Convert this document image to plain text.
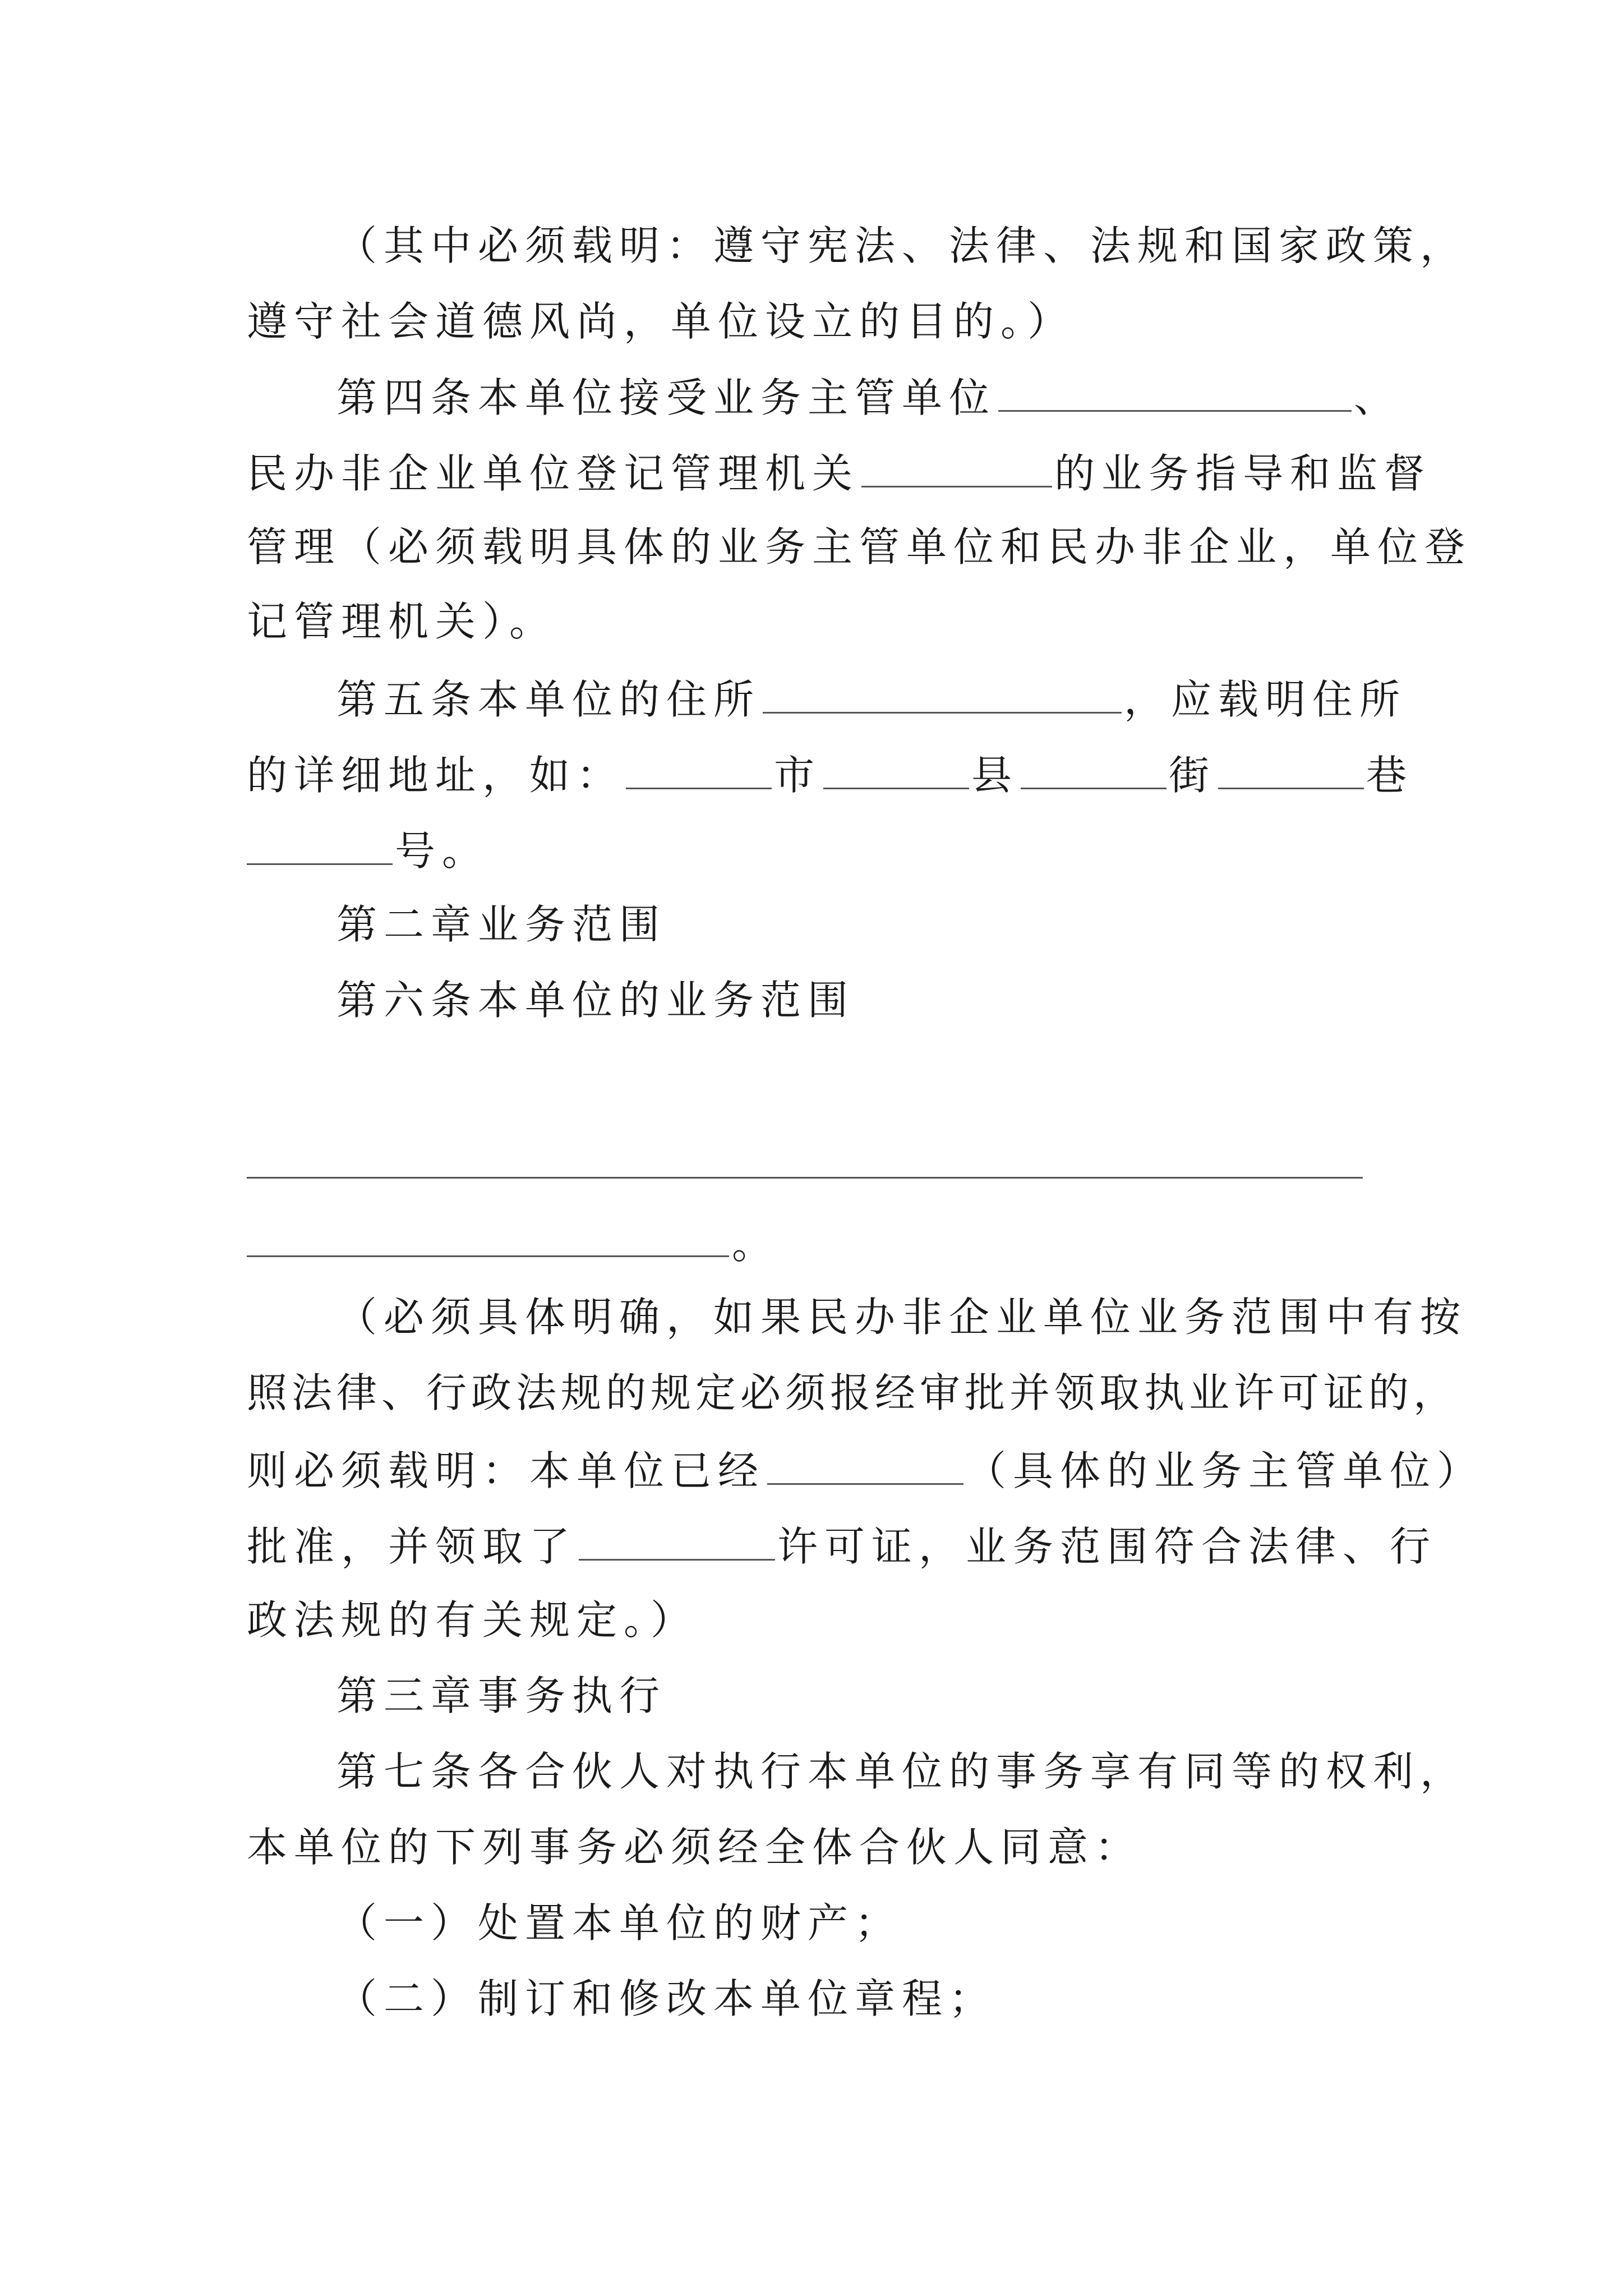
（其中必须载明：遵守宪法、法律、法规和国家政策，
遵守社会道德风尚，单位设立的目的。）
第四条本单位接受业务主管单位	、
民办非企业单位登记管理机关	的业务指导和监督
管理（必须载明具体的业务主管单位和民办非企业，单位登
记管理机关）。
第五条本单位的住所	，应载明住所
的详细地址，如：	市	县	街	巷
号。
第二章业务范围
第六条本单位的业务范围
。
（必须具体明确，如果民办非企业单位业务范围中有按
照法律、行政法规的规定必须报经审批并领取执业许可证的，
则必须载明：本单位已经	（具体的业务主管单位）
批准，并领取了	许可证，业务范围符合法律、行
政法规的有关规定。）
第三章事务执行
第七条各合伙人对执行本单位的事务享有同等的权利，
本单位的下列事务必须经全体合伙人同意：
（一）处置本单位的财产；
（二）制订和修改本单位章程；
